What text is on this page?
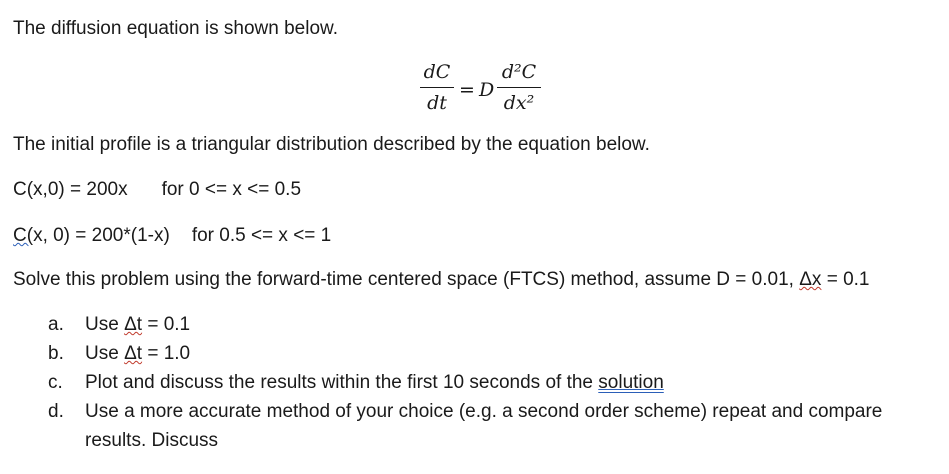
The diffusion equation is shown below.
dC
dt
= D
d²C
dx²
The initial profile is a triangular distribution described by the equation below.
C(x,0) = 200x for 0 <= x <= 0.5
C(x, 0) = 200*(1-x) for 0.5 <= x <= 1
Solve this problem using the forward-time centered space (FTCS) method, assume D = 0.01, Δx = 0.1
a. Use Δt = 0.1
b. Use Δt = 1.0
c. Plot and discuss the results within the first 10 seconds of the solution
d. Use a more accurate method of your choice (e.g. a second order scheme) repeat and compare
results. Discuss
